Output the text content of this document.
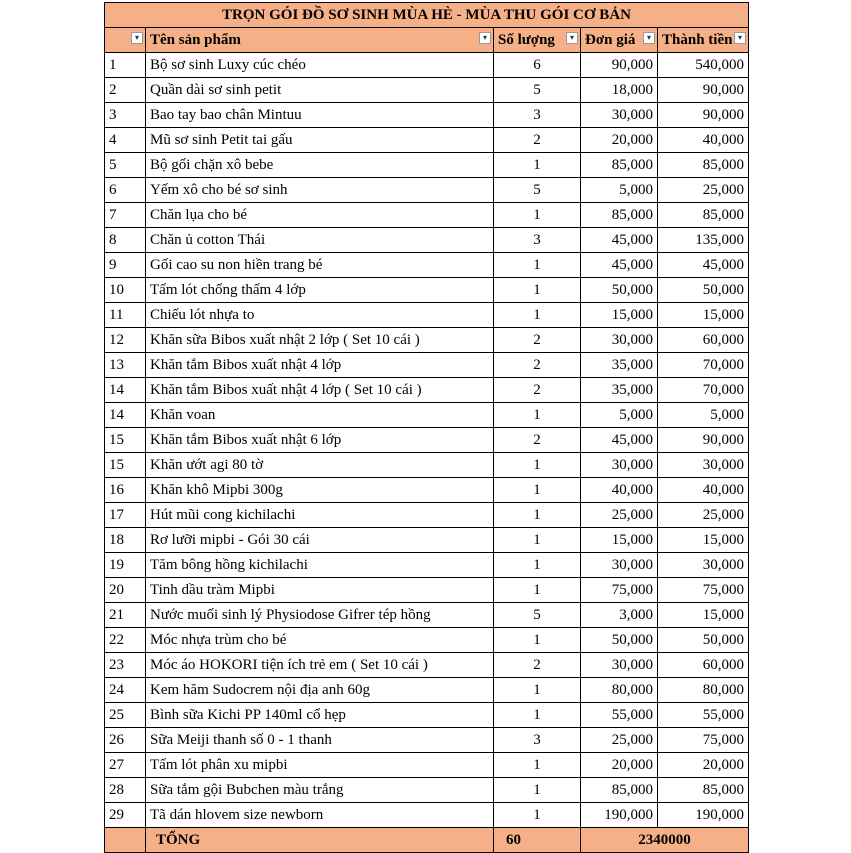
TRỌN GÓI ĐỒ SƠ SINH MÙA HÈ - MÙA THU GÓI CƠ BẢN				

▾	Tên sản phẩm ▾	Số lượng ▾	Đơn giá ▾	Thành tiền ▾

1	Bộ sơ sinh Luxy cúc chéo	6	90,000	540,000
2	Quần dài sơ sinh petit	5	18,000	90,000
3	Bao tay bao chân Mintuu	3	30,000	90,000
4	Mũ sơ sinh Petit tai gấu	2	20,000	40,000
5	Bộ gối chặn xô bebe	1	85,000	85,000
6	Yếm xô cho bé sơ sinh	5	5,000	25,000
7	Chăn lụa cho bé	1	85,000	85,000
8	Chăn ủ cotton Thái	3	45,000	135,000
9	Gối cao su non hiền trang bé	1	45,000	45,000
10	Tấm lót chống thấm 4 lớp	1	50,000	50,000
11	Chiếu lót nhựa to	1	15,000	15,000
12	Khăn sữa Bibos xuất nhật 2 lớp ( Set 10 cái )	2	30,000	60,000
13	Khăn tắm Bibos xuất nhật 4 lớp	2	35,000	70,000
14	Khăn tắm Bibos xuất nhật 4 lớp ( Set 10 cái )	2	35,000	70,000
14	Khăn voan	1	5,000	5,000
15	Khăn tắm Bibos xuất nhật 6 lớp	2	45,000	90,000
15	Khăn ướt agi 80 tờ	1	30,000	30,000
16	Khăn khô Mipbi 300g	1	40,000	40,000
17	Hút mũi cong kichilachi	1	25,000	25,000
18	Rơ lưỡi mipbi - Gói 30 cái	1	15,000	15,000
19	Tăm bông hồng kichilachi	1	30,000	30,000
20	Tinh dầu tràm Mipbi	1	75,000	75,000
21	Nước muối sinh lý Physiodose Gifrer tép hồng	5	3,000	15,000
22	Móc nhựa trùm cho bé	1	50,000	50,000
23	Móc áo HOKORI tiện ích trẻ em ( Set 10 cái )	2	30,000	60,000
24	Kem hăm Sudocrem nội địa anh 60g	1	80,000	80,000
25	Bình sữa Kichi PP 140ml cổ hẹp	1	55,000	55,000
26	Sữa Meiji thanh số 0 - 1 thanh	3	25,000	75,000
27	Tấm lót phân xu mipbi	1	20,000	20,000
28	Sữa tắm gội Bubchen màu trắng	1	85,000	85,000
29	Tã dán hlovem size newborn	1	190,000	190,000
	TỔNG	60	2340000	
